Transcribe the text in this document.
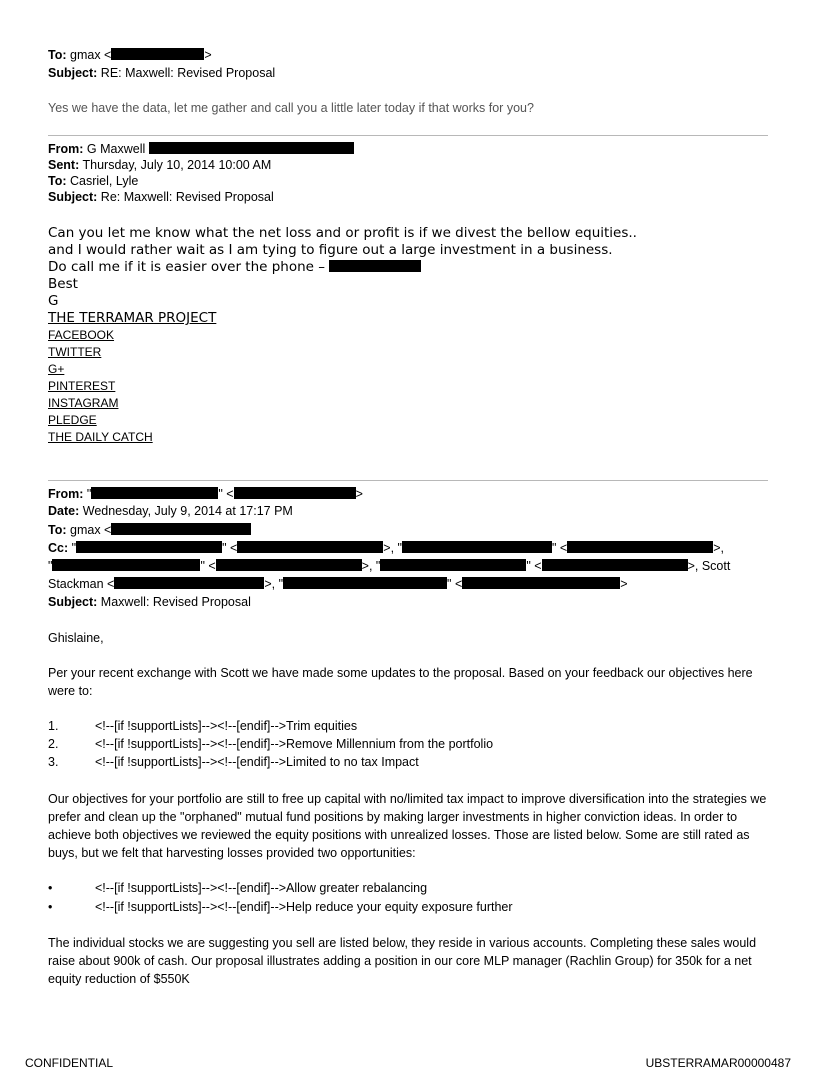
To: gmax <	>
Subject: RE: Maxwell: Revised Proposal
Yes we have the data, let me gather and call you a little later today if that works for you?
From: G Maxwell
Sent: Thursday, July 10, 2014 10:00 AM
To: Casriel, Lyle
Subject: Re: Maxwell: Revised Proposal
Can you let me know what the net loss and or profit is if we divest the bellow equities..
and I would rather wait as I am tying to figure out a large investment in a business.
Do call me if it is easier over the phone –
Best
G
THE TERRAMAR PROJECT
FACEBOOK
TWITTER
G+
PINTEREST
INSTAGRAM
PLEDGE
THE DAILY CATCH
From: "	" <	>
Date: Wednesday, July 9, 2014 at 17:17 PM
To: gmax <
Cc: "	" <	>, "	" <	>,
"	" <	>, "	" <	>, Scott
Stackman <	>, "	" <	>
Subject: Maxwell: Revised Proposal
Ghislaine,
Per your recent exchange with Scott we have made some updates to the proposal. Based on your feedback our objectives here were to:
1.	<!--[if !supportLists]--><!--[endif]-->Trim equities
2.	<!--[if !supportLists]--><!--[endif]-->Remove Millennium from the portfolio
3.	<!--[if !supportLists]--><!--[endif]-->Limited to no tax Impact
Our objectives for your portfolio are still to free up capital with no/limited tax impact to improve diversification into the strategies we prefer and clean up the "orphaned" mutual fund positions by making larger investments in higher conviction ideas. In order to achieve both objectives we reviewed the equity positions with unrealized losses. Those are listed below. Some are still rated as buys, but we felt that harvesting losses provided two opportunities:
•	<!--[if !supportLists]--><!--[endif]-->Allow greater rebalancing
•	<!--[if !supportLists]--><!--[endif]-->Help reduce your equity exposure further
The individual stocks we are suggesting you sell are listed below, they reside in various accounts. Completing these sales would raise about 900k of cash. Our proposal illustrates adding a position in our core MLP manager (Rachlin Group) for 350k for a net equity reduction of $550K
CONFIDENTIAL	UBSTERRAMAR00000487
